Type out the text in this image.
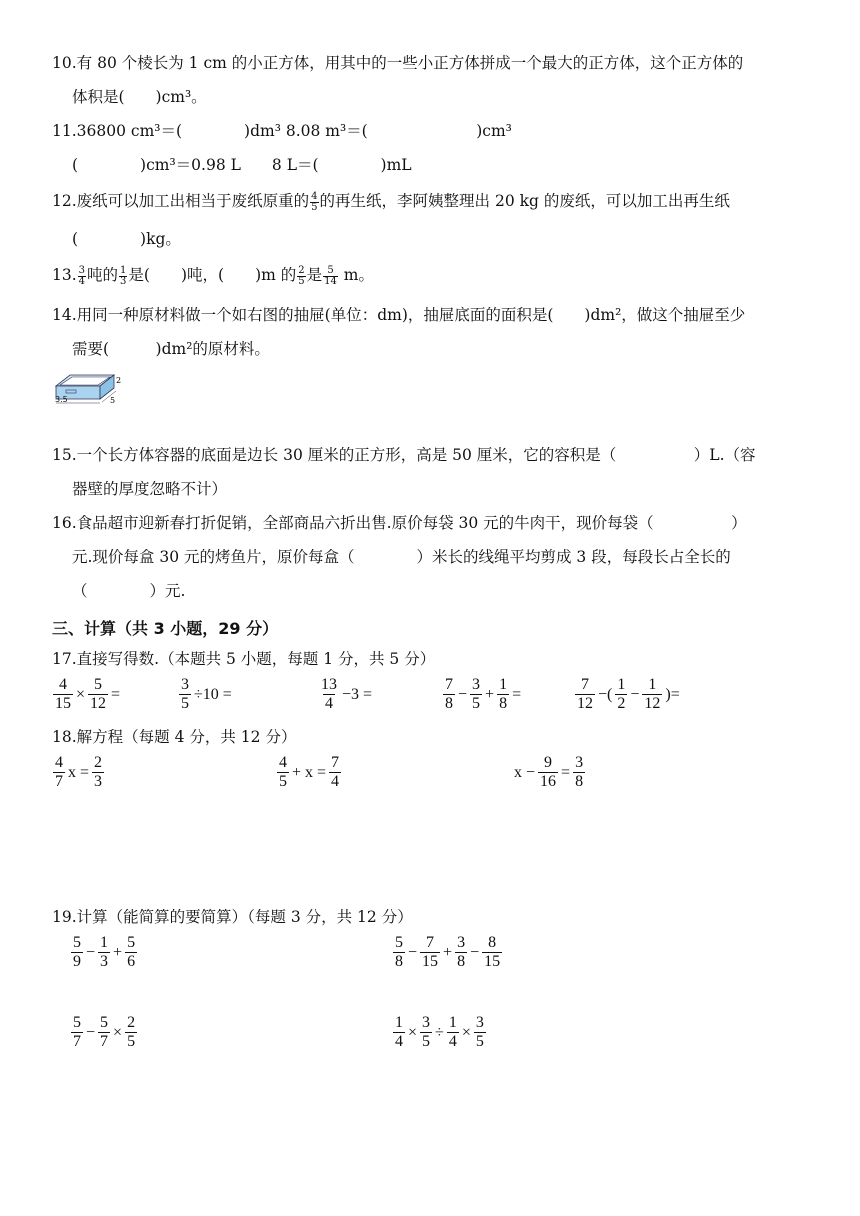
10.有 80 个棱长为 1 cm 的小正方体，用其中的一些小正方体拼成一个最大的正方体，这个正方体的
体积是(　　)cm³。
11.36800 cm³＝(　　　　)dm³ 8.08 m³＝(　　　　　　　)cm³
(　　　　)cm³＝0.98 L　　8 L＝(　　　　)mL
12.废纸可以加工出相当于废纸原重的 $\frac{4}{5}$ 的再生纸，李阿姨整理出 20 kg 的废纸，可以加工出再生纸
(　　　　)kg。
13. $\frac{3}{4}$ 吨的 $\frac{1}{3}$ 是(　　)吨，(　　)m 的 $\frac{2}{5}$ 是 $\frac{5}{14}$ m。
14.用同一种原材料做一个如右图的抽屉(单位：dm)，抽屉底面的面积是(　　)dm²，做这个抽屉至少
需要(　　　)dm²的原材料。
2
5
3.5
15.一个长方体容器的底面是边长 30 厘米的正方形，高是 50 厘米，它的容积是（　　　　　）L.（容
器壁的厚度忽略不计）
16.食品超市迎新春打折促销，全部商品六折出售.原价每袋 30 元的牛肉干，现价每袋（　　　　　）
元.现价每盒 30 元的烤鱼片，原价每盒（　　　　）米长的线绳平均剪成 3 段，每段长占全长的
（　　　　）元.
三、计算（共 3 小题，29 分）
17.直接写得数.（本题共 5 小题，每题 1 分，共 5 分）
$\frac{4}{15} \times \frac{5}{12}$ =	$\frac{3}{5} \div 10$ =	$\frac{13}{4} -3$ =	$\frac{7}{8} - \frac{3}{5} + \frac{1}{8}$ =	$\frac{7}{12}$ −( $\frac{1}{2} - \frac{1}{12}$ )=
18.解方程（每题 4 分，共 12 分）
$\frac{4}{7}$ $x = \frac{2}{3}$	$\frac{4}{5} + x = \frac{7}{4}$	$x - \frac{9}{16} = \frac{3}{8}$
19.计算（能简算的要简算）（每题 3 分，共 12 分）
$\frac{5}{9} - \frac{1}{3} + \frac{5}{6}$	$\frac{5}{8} - \frac{7}{15} + \frac{3}{8} - \frac{8}{15}$
$\frac{5}{7} - \frac{5}{7} \times \frac{2}{5}$	$\frac{1}{4} \times \frac{3}{5} \div \frac{1}{4} \times \frac{3}{5}$
